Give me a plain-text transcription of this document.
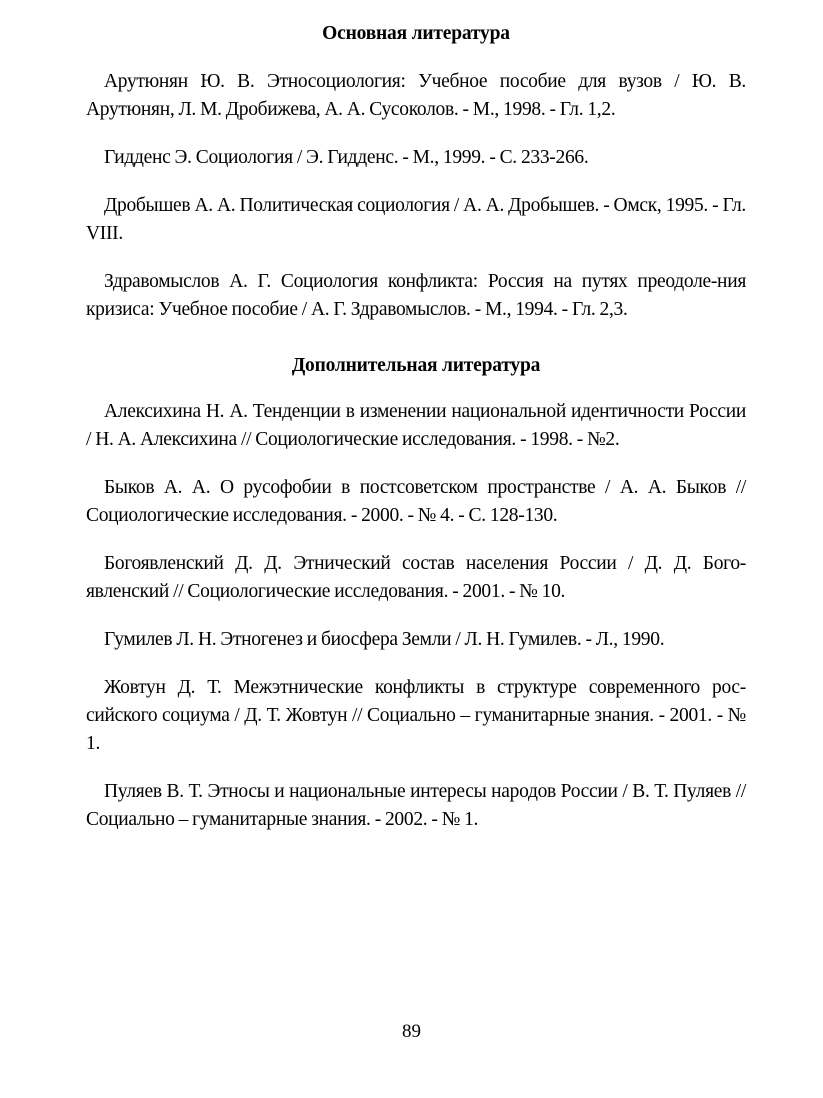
Основная литература

Арутюнян Ю. В. Этносоциология: Учебное пособие для вузов / Ю. В. Арутюнян, Л. М. Дробижева, А. А. Сусоколов. - М., 1998. - Гл. 1,2.

Гидденс Э. Социология / Э. Гидденс. - М., 1999. - С. 233-266.

Дробышев А. А. Политическая социология / А. А. Дробышев. - Омск, 1995. - Гл. VIII.

Здравомыслов А. Г. Социология конфликта: Россия на путях преодоле-ния кризиса: Учебное пособие / А. Г. Здравомыслов. - М., 1994. - Гл. 2,3.

Дополнительная литература

Алексихина Н. А. Тенденции в изменении национальной идентичности России / Н. А. Алексихина // Социологические исследования. - 1998. - №2.

Быков А. А. О русофобии в постсоветском пространстве / А. А. Быков // Социологические исследования. - 2000. - № 4. - С. 128-130.

Богоявленский Д. Д. Этнический состав населения России / Д. Д. Бого-явленский // Социологические исследования. - 2001. - № 10.

Гумилев Л. Н. Этногенез и биосфера Земли / Л. Н. Гумилев. - Л., 1990.

Жовтун Д. Т. Межэтнические конфликты в структуре современного рос-сийского социума / Д. Т. Жовтун // Социально – гуманитарные знания. - 2001. - № 1.

Пуляев В. Т. Этносы и национальные интересы народов России / В. Т. Пуляев // Социально – гуманитарные знания. - 2002. - № 1.

89
